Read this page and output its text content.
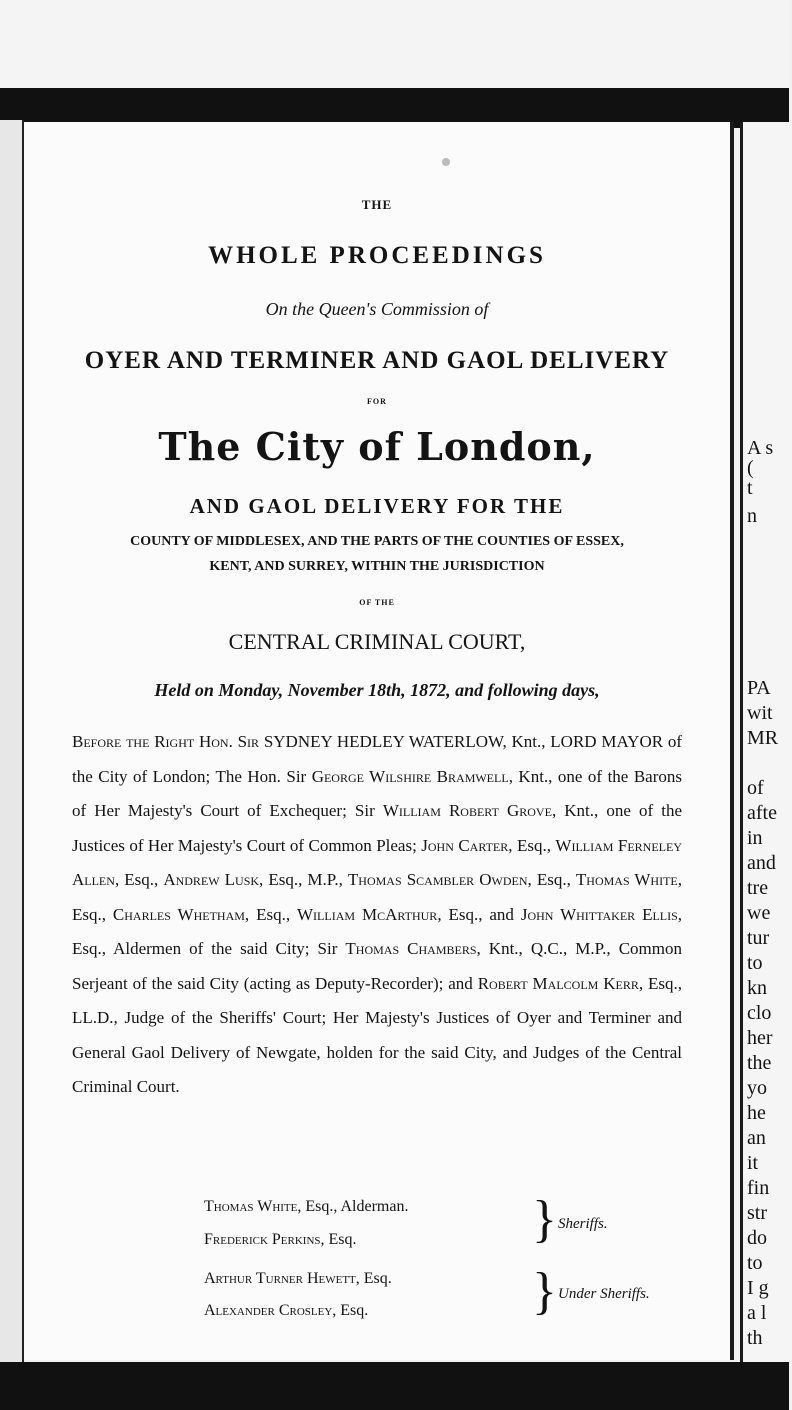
THE
WHOLE PROCEEDINGS
On the Queen's Commission of
OYER AND TERMINER AND GAOL DELIVERY
FOR
The City of London,
AND GAOL DELIVERY FOR THE
COUNTY OF MIDDLESEX, AND THE PARTS OF THE COUNTIES OF ESSEX,
KENT, AND SURREY, WITHIN THE JURISDICTION
OF THE
CENTRAL CRIMINAL COURT,
Held on Monday, November 18th, 1872, and following days,
Before the Right Hon. Sir SYDNEY HEDLEY WATERLOW, Knt., LORD MAYOR of the City of London; The Hon. Sir George Wilshire Bramwell, Knt., one of the Barons of Her Majesty's Court of Exchequer; Sir William Robert Grove, Knt., one of the Justices of Her Majesty's Court of Common Pleas; John Carter, Esq., William Ferneley Allen, Esq., Andrew Lusk, Esq., M.P., Thomas Scambler Owden, Esq., Thomas White, Esq., Charles Whetham, Esq., William McArthur, Esq., and John Whittaker Ellis, Esq., Aldermen of the said City; Sir Thomas Chambers, Knt., Q.C., M.P., Common Serjeant of the said City (acting as Deputy-Recorder); and Robert Malcolm Kerr, Esq., LL.D., Judge of the Sheriffs' Court; Her Majesty's Justices of Oyer and Terminer and General Gaol Delivery of Newgate, holden for the said City, and Judges of the Central Criminal Court.
Thomas White, Esq., Alderman.
Frederick Perkins, Esq.	} Sheriffs.
Arthur Turner Hewett, Esq.
Alexander Crosley, Esq.	} Under Sheriffs.
A s
(
t
n
PA
wit
MR
of
afte
in
and
tre
we
tur
to
kn
clo
her
the
yo
he
an
it
fin
str
do
to
I g
a l
th
